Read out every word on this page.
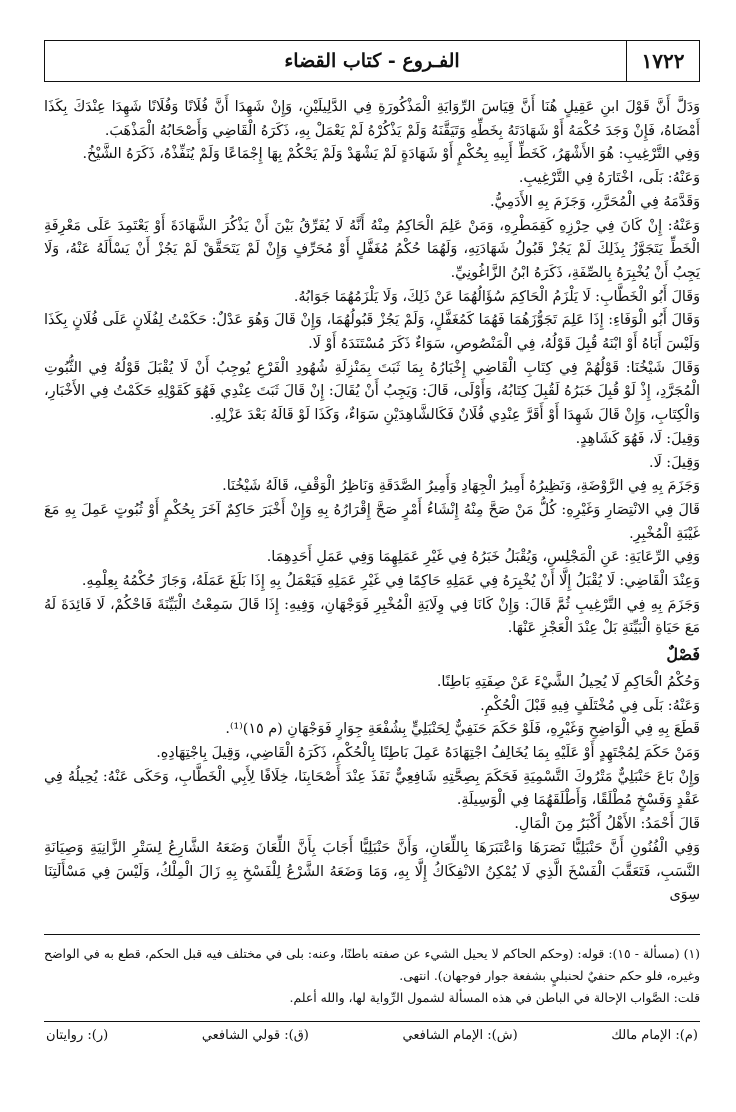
١٧٢٢
الفـروع - كتاب القضاء

وَدَلَّ أَنَّ قَوْلَ ابنِ عَقِيلٍ هُنَا أَنَّ قِيَاسَ الرِّوَايَةِ الْمَذْكُورَةِ فِي الدَّلِيلَيْنِ، وَإِنْ شَهِدَا أَنَّ فُلَانًا وَفُلَانًا شَهِدَا عِنْدَكَ بِكَذَا أَمْضَاهُ، فَإِنْ وَجَدَ حُكْمَهُ أَوْ شَهَادَتَهُ بِخَطِّهِ وَتَيَقَّنَهُ وَلَمْ يَذْكُرْهُ لَمْ يَعْمَلْ بِهِ، ذَكَرَهُ الْقَاضِي وَأَصْحَابُهُ الْمَذْهَبَ.

وَفِي التَّرْغِيبِ: هُوَ الأَشْهَرُ، كَخَطِّ أَبِيهِ بِحُكْمٍ أَوْ شَهَادَةٍ لَمْ يَشْهَدْ وَلَمْ يَحْكُمْ بِهَا إِجْمَاعًا وَلَمْ يُنَفِّذْهُ، ذَكَرَهُ الشَّيْخُ.

وَعَنْهُ: بَلَى، اخْتَارَهُ فِي التَّرْغِيبِ.

وَقَدَّمَهُ فِي الْمُحَرَّرِ، وَجَزَمَ بِهِ الأَدَمِيُّ.

وَعَنْهُ: إِنْ كَانَ فِي حِرْزِهِ كَقِمَطْرِهِ، وَمَنْ عَلِمَ الْحَاكِمُ مِنْهُ أَنَّهُ لَا يُفَرِّقُ بَيْنَ أَنْ يَذْكُرَ الشَّهَادَةَ أَوْ يَعْتَمِدَ عَلَى مَعْرِفَةِ الْخَطِّ يَتَجَوَّزُ بِذَلِكَ لَمْ يَجُزْ قَبُولُ شَهَادَتِهِ، وَلَهُمَا حُكْمُ مُغَفَّلٍ أَوْ مُحَرِّفٍ وَإِنْ لَمْ يَتَحَقَّقْ لَمْ يَجُزْ أَنْ يَسْأَلَهُ عَنْهُ، وَلَا يَجِبُ أَنْ يُخْبِرَهُ بِالصِّفَةِ، ذَكَرَهُ ابْنُ الزَّاغُونِيِّ.

وَقَالَ أَبُو الْخَطَّابِ: لَا يَلْزَمُ الْحَاكِمَ سُؤَالُهُمَا عَنْ ذَلِكَ، وَلَا يَلْزَمُهُمَا جَوَابُهُ.

وَقَالَ أَبُو الْوَفَاءِ: إِذَا عَلِمَ تَجَوُّزَهُمَا فَهُمَا كَمُغَفَّلٍ، وَلَمْ يَجُزْ قَبُولُهُمَا، وَإِنْ قَالَ وَهُوَ عَدْلٌ: حَكَمْتُ لِفُلَانٍ عَلَى فُلَانٍ بِكَذَا وَلَيْسَ أَبَاهُ أَوْ ابْنَهُ قُبِلَ قَوْلُهُ، فِي الْمَنْصُوصِ، سَوَاءٌ ذَكَرَ مُسْتَنَدَهُ أَوْ لَا.

وَقَالَ شَيْخُنَا: قَوْلُهُمْ فِي كِتَابِ الْقَاضِي إِخْبَارُهُ بِمَا ثَبَتَ بِمَنْزِلَةِ شُهُودِ الْفَرْعِ يُوجِبُ أَنْ لَا يُقْبَلَ قَوْلُهُ فِي الثُّبُوتِ الْمُجَرَّدِ، إِذْ لَوْ قُبِلَ خَبَرُهُ لَقُبِلَ كِتَابُهُ، وَأَوْلَى، قَالَ: وَيَجِبُ أَنْ يُقَالَ: إِنْ قَالَ ثَبَتَ عِنْدِي فَهُوَ كَقَوْلِهِ حَكَمْتُ فِي الأَخْبَارِ، وَالْكِتَابِ، وَإِنْ قَالَ شَهِدَا أَوْ أَقَرَّ عِنْدِي فُلَانٌ فَكَالشَّاهِدَيْنِ سَوَاءٌ، وَكَذَا لَوْ قَالَهُ بَعْدَ عَزْلِهِ.

وَقِيلَ: لَا، فَهُوَ كَشَاهِدٍ.

وَقِيلَ: لَا.

وَجَزَمَ بِهِ فِي الرَّوْضَةِ، وَنَظِيرُهُ أَمِيرُ الْجِهَادِ وَأَمِيرُ الصَّدَقَةِ وَنَاظِرُ الْوَقْفِ، قَالَهُ شَيْخُنَا.

قَالَ فِي الانْتِصَارِ وَغَيْرِهِ: كُلُّ مَنْ صَحَّ مِنْهُ إِنْشَاءُ أَمْرٍ صَحَّ إِقْرَارُهُ بِهِ وَإِنْ أَخْبَرَ حَاكِمٌ آخَرَ بِحُكْمٍ أَوْ ثُبُوتٍ عَمِلَ بِهِ مَعَ غَيْبَةِ الْمُخْبِرِ.

وَفِي الرِّعَايَةِ: عَنِ الْمَجْلِسِ، وَيُقْبَلُ خَبَرُهُ فِي غَيْرِ عَمَلِهِمَا وَفِي عَمَلِ أَحَدِهِمَا.

وَعِنْدَ الْقَاضِي: لَا يُقْبَلُ إِلَّا أَنْ يُخْبِرَهُ فِي عَمَلِهِ حَاكِمًا فِي غَيْرِ عَمَلِهِ فَيَعْمَلُ بِهِ إِذَا بَلَغَ عَمَلَهُ، وَجَازَ حُكْمُهُ بِعِلْمِهِ.

وَجَزَمَ بِهِ فِي التَّرْغِيبِ ثُمَّ قَالَ: وَإِنْ كَانَا فِي وِلَايَةِ الْمُخْبِرِ فَوَجْهَانِ، وَفِيهِ: إِذَا قَالَ سَمِعْتُ الْبَيِّنَةَ فَاحْكُمْ، لَا فَائِدَةَ لَهُ مَعَ حَيَاةِ الْبَيِّنَةِ بَلْ عِنْدَ الْعَجْزِ عَنْهَا.

فَصْلٌ

وَحُكْمُ الْحَاكِمِ لَا يُحِيلُ الشَّيْءَ عَنْ صِفَتِهِ بَاطِنًا.

وَعَنْهُ: بَلَى فِي مُخْتَلَفٍ فِيهِ قَبْلَ الْحُكْمِ.

قَطَعَ بِهِ فِي الْوَاضِحِ وَغَيْرِهِ، فَلَوْ حَكَمَ حَنَفِيٌّ لِحَنْبَلِيٍّ بِشُفْعَةِ جِوَارٍ فَوَجْهَانِ (م ١٥)⁽¹⁾.

وَمَنْ حَكَمَ لِمُجْتَهِدٍ أَوْ عَلَيْهِ بِمَا يُخَالِفُ اجْتِهَادَهُ عَمِلَ بَاطِنًا بِالْحُكْمِ، ذَكَرَهُ الْقَاضِي، وَقِيلَ بِاجْتِهَادِهِ.

وَإِنْ بَاعَ حَنْبَلِيٌّ مَتْرُوكَ التَّسْمِيَةِ فَحَكَمَ بِصِحَّتِهِ شَافِعِيٌّ نَفَذَ عِنْدَ أَصْحَابِنَا، خِلَافًا لِأَبِي الْخَطَّابِ، وَحَكَى عَنْهُ: يُحِيلُهُ فِي عَقْدٍ وَفَسْخٍ مُطْلَقًا، وَأَطْلَقَهُمَا فِي الْوَسِيلَةِ.

قَالَ أَحْمَدُ: الأَهْلُ أَكْبَرُ مِنَ الْمَالِ.

وَفِي الْفُنُونِ أَنَّ حَنْبَلِيًّا نَصَرَهَا وَاعْتَبَرَهَا بِاللِّعَانِ، وَأَنَّ حَنْبَلِيًّا أَجَابَ بِأَنَّ اللِّعَانَ وَضَعَهُ الشَّارِعُ لِسَتْرِ الزَّانِيَةِ وَصِيَانَةِ النَّسَبِ، فَتَعَقَّبَ الْفَسْخَ الَّذِي لَا يُمْكِنُ الانْفِكَاكُ إِلَّا بِهِ، وَمَا وَضَعَهُ الشَّرْعُ لِلْفَسْخِ بِهِ زَالَ الْمِلْكُ، وَلَيْسَ فِي مَسْأَلَتِنَا سِوَى

(١) (مسألة - ١٥): قوله: (وحكم الحاكم لا يحيل الشيء عن صفته باطنًا، وعنه: بلى في مختلف فيه قبل الحكم، قطع به في الواضح وغيره، فلو حكم حنفيٌ لحنبليٍ بشفعة جوار فوجهان). انتهى.

قلت: الصَّواب الإحالة في الباطن في هذه المسألة لشمول الرِّواية لها، والله أعلم.

(م): الإمام مالك
(ش): الإمام الشافعي
(ق): قولي الشافعي
(ر): روايتان
